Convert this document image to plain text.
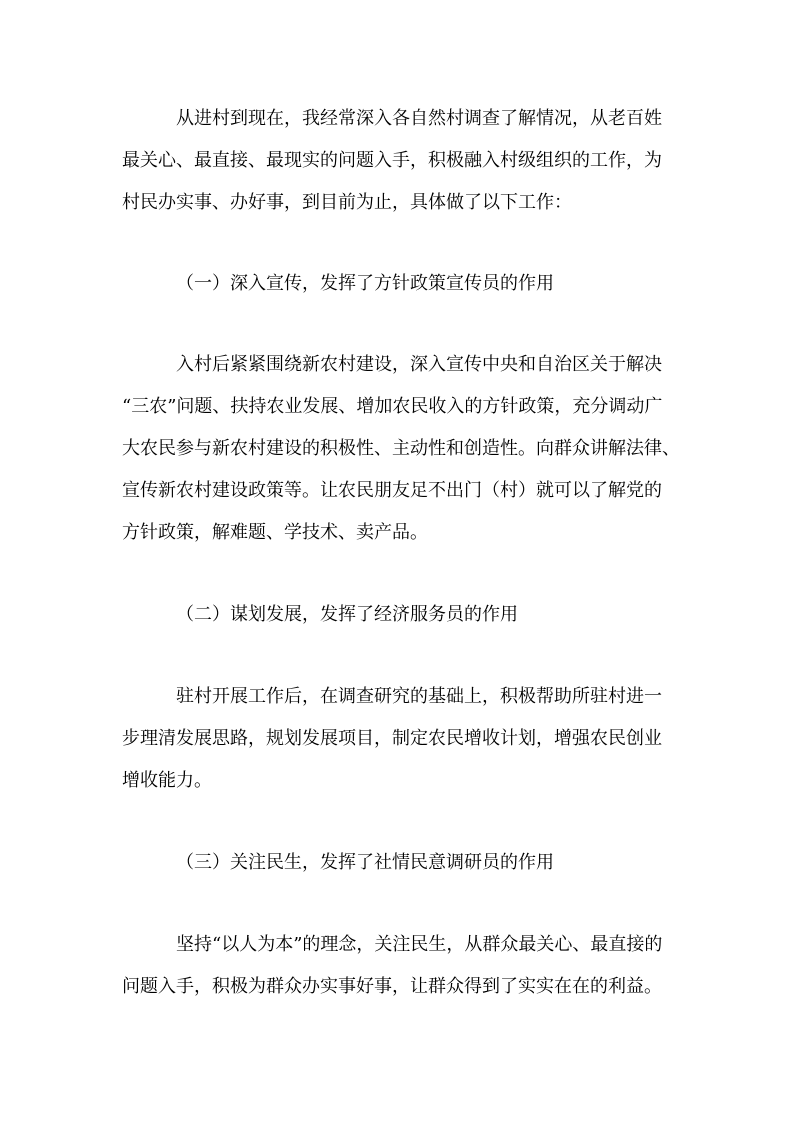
从进村到现在，我经常深入各自然村调查了解情况，从老百姓
最关心、最直接、最现实的问题入手，积极融入村级组织的工作，为
村民办实事、办好事，到目前为止，具体做了以下工作：
（一）深入宣传，发挥了方针政策宣传员的作用
入村后紧紧围绕新农村建设，深入宣传中央和自治区关于解决
“三农”问题、扶持农业发展、增加农民收入的方针政策，充分调动广
大农民参与新农村建设的积极性、主动性和创造性。向群众讲解法律、
宣传新农村建设政策等。让农民朋友足不出门（村）就可以了解党的
方针政策，解难题、学技术、卖产品。
（二）谋划发展，发挥了经济服务员的作用
驻村开展工作后，在调查研究的基础上，积极帮助所驻村进一
步理清发展思路，规划发展项目，制定农民增收计划，增强农民创业
增收能力。
（三）关注民生，发挥了社情民意调研员的作用
坚持“以人为本”的理念，关注民生，从群众最关心、最直接的
问题入手，积极为群众办实事好事，让群众得到了实实在在的利益。
